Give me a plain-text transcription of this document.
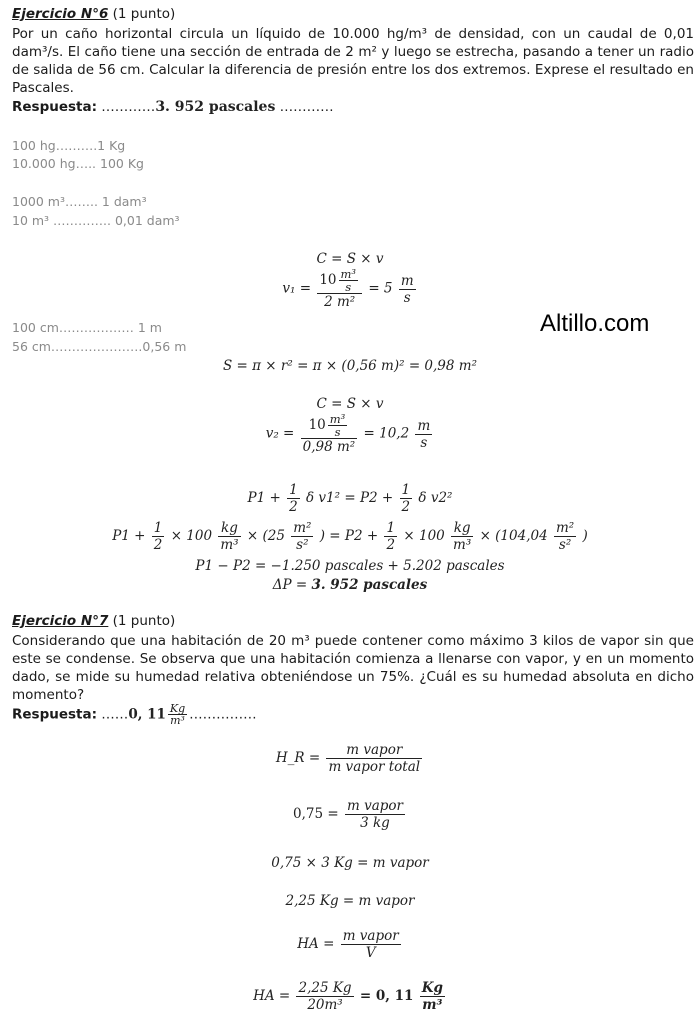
Ejercicio N°6 (1 punto)
Por un caño horizontal circula un líquido de 10.000 hg/m³ de densidad, con un caudal de 0,01 dam³/s. El caño tiene una sección de entrada de 2 m² y luego se estrecha, pasando a tener un radio de salida de 56 cm. Calcular la diferencia de presión entre los dos extremos. Exprese el resultado en Pascales.
Respuesta: …………3. 952 pascales …………
100 hg……….1 Kg
10.000 hg….. 100 Kg
1000 m³…….. 1 dam³
10 m³ ………….. 0,01 dam³
100 cm……………… 1 m
56 cm………………….0,56 m
C = S × v
$v_1 = \frac{10 \frac{\text{m³}}{s}}{\text{2 m²}} = 5 \frac{m}{s}$
Altillo.com
S = π × r² = π × (0,56 m)² = 0,98 m²
C = S × v
$v_2 = \frac{10 \frac{\text{m³}}{s}}{\text{0,98 m²}} = 10,2 \frac{m}{s}$
$P1 + \frac{1}{2}$ δ $v1^2 = P2 + \frac{1}{2}$ δ v2²
$P1 + \frac{1}{2} \times 100 \frac{kg}{\text{m³}} \times (25 \frac{\text{m²}}{\text{s²}}$ ) = $P2 + \frac{1}{2} \times 100 \frac{kg}{\text{m³}} \times (104,04 \frac{\text{m²}}{\text{s²}}$ )
P1 − P2 = −1.250 pascales + 5.202 pascales
ΔP = 3. 952 pascales
Ejercicio N°7 (1 punto)
Considerando que una habitación de 20 m³ puede contener como máximo 3 kilos de vapor sin que este se condense. Se observa que una habitación comienza a llenarse con vapor, y en un momento dado, se mide su humedad relativa obteniéndose un 75%. ¿Cuál es su humedad absoluta en dicho momento?
Respuesta: ……0, $11 \frac{Kg}{\text{m³}}$ ……………
H_R = $\frac{\text{m vapor}}{\text{m vapor total}}$
$0,75 = \frac{\text{m vapor}}{3 kg}$
0,75 × 3 Kg = m vapor
2,25 Kg = m vapor
HA = $\frac{\text{m vapor}}{V}$
HA = $\frac{2,25 Kg}{\text{20m³}} = 0$, $11 \frac{Kg}{\text{m³}}$
